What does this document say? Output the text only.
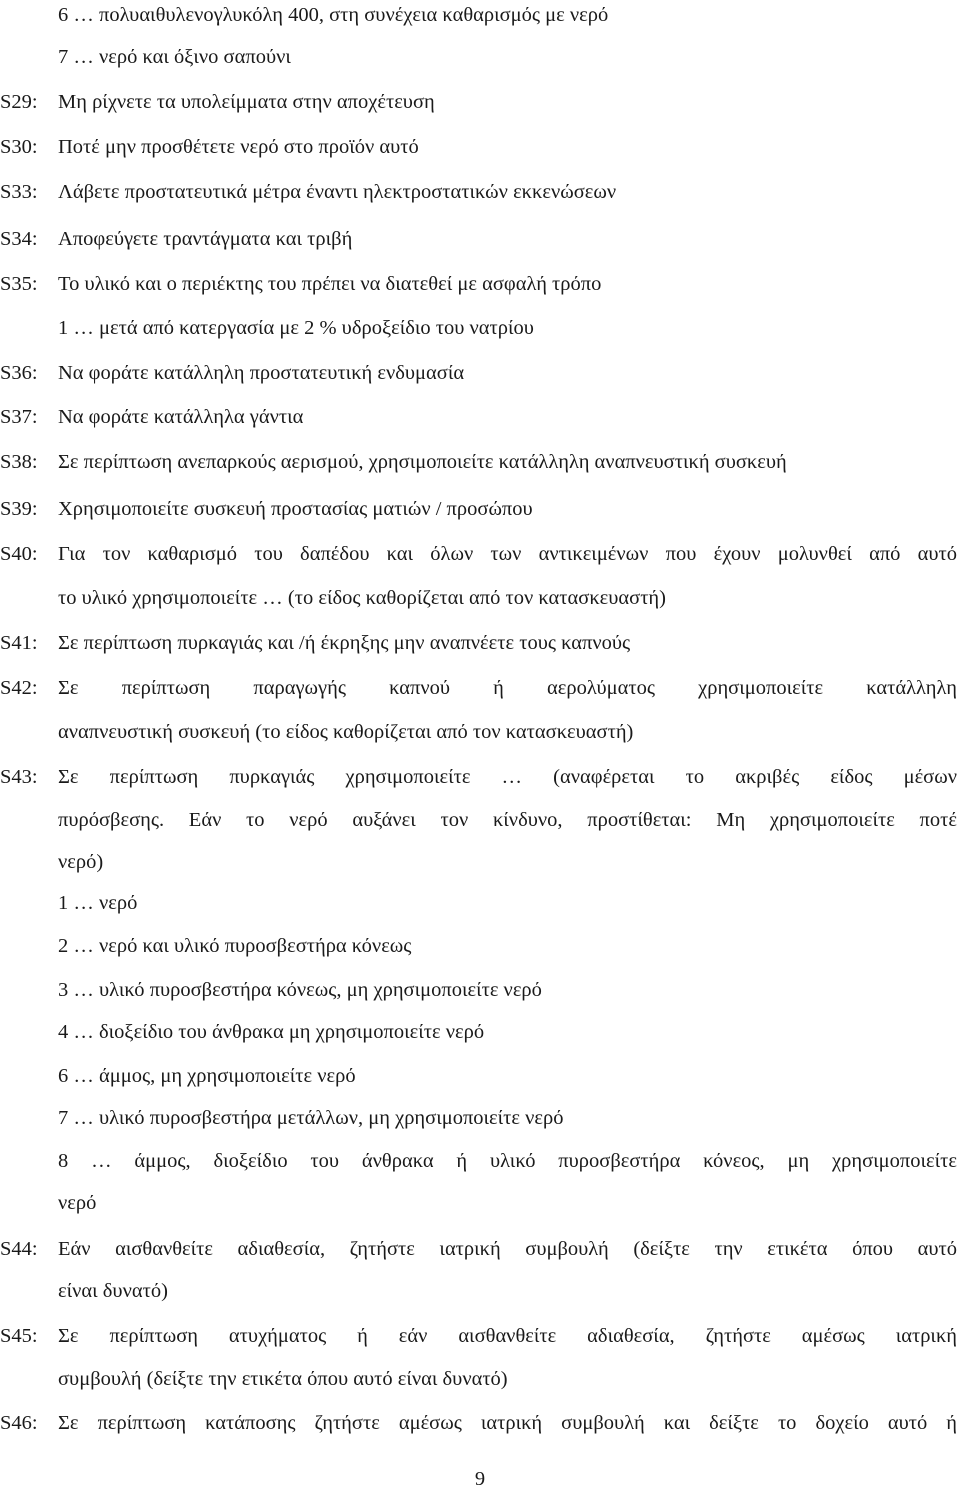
6 … πολυαιθυλενογλυκόλη 400, στη συνέχεια καθαρισμός με νερό
7 … νερό και όξινο σαπούνι
S29: Μη ρίχνετε τα υπολείμματα στην αποχέτευση
S30: Ποτέ μην προσθέτετε νερό στο προϊόν αυτό
S33: Λάβετε προστατευτικά μέτρα έναντι ηλεκτροστατικών εκκενώσεων
S34: Αποφεύγετε τραντάγματα και τριβή
S35: Το υλικό και ο περιέκτης του πρέπει να διατεθεί με ασφαλή τρόπο
1 … μετά από κατεργασία με 2 % υδροξείδιο του νατρίου
S36: Να φοράτε κατάλληλη προστατευτική ενδυμασία
S37: Να φοράτε κατάλληλα γάντια
S38: Σε περίπτωση ανεπαρκούς αερισμού, χρησιμοποιείτε κατάλληλη αναπνευστική συσκευή
S39: Χρησιμοποιείτε συσκευή προστασίας ματιών / προσώπου
S40: Για τον καθαρισμό του δαπέδου και όλων των αντικειμένων που έχουν μολυνθεί από αυτό
το υλικό χρησιμοποιείτε … (το είδος καθορίζεται από τον κατασκευαστή)
S41: Σε περίπτωση πυρκαγιάς και /ή έκρηξης μην αναπνέετε τους καπνούς
S42: Σε περίπτωση παραγωγής καπνού ή αερολύματος χρησιμοποιείτε κατάλληλη
αναπνευστική συσκευή (το είδος καθορίζεται από τον κατασκευαστή)
S43: Σε περίπτωση πυρκαγιάς χρησιμοποιείτε … (αναφέρεται το ακριβές είδος μέσων
πυρόσβεσης. Εάν το νερό αυξάνει τον κίνδυνο, προστίθεται: Μη χρησιμοποιείτε ποτέ
νερό)
1 … νερό
2 … νερό και υλικό πυροσβεστήρα κόνεως
3 … υλικό πυροσβεστήρα κόνεως, μη χρησιμοποιείτε νερό
4 … διοξείδιο του άνθρακα μη χρησιμοποιείτε νερό
6 … άμμος, μη χρησιμοποιείτε νερό
7 … υλικό πυροσβεστήρα μετάλλων, μη χρησιμοποιείτε νερό
8 … άμμος, διοξείδιο του άνθρακα ή υλικό πυροσβεστήρα κόνεος, μη χρησιμοποιείτε
νερό
S44: Εάν αισθανθείτε αδιαθεσία, ζητήστε ιατρική συμβουλή (δείξτε την ετικέτα όπου αυτό
είναι δυνατό)
S45: Σε περίπτωση ατυχήματος ή εάν αισθανθείτε αδιαθεσία, ζητήστε αμέσως ιατρική
συμβουλή (δείξτε την ετικέτα όπου αυτό είναι δυνατό)
S46: Σε περίπτωση κατάποσης ζητήστε αμέσως ιατρική συμβουλή και δείξτε το δοχείο αυτό ή
9
